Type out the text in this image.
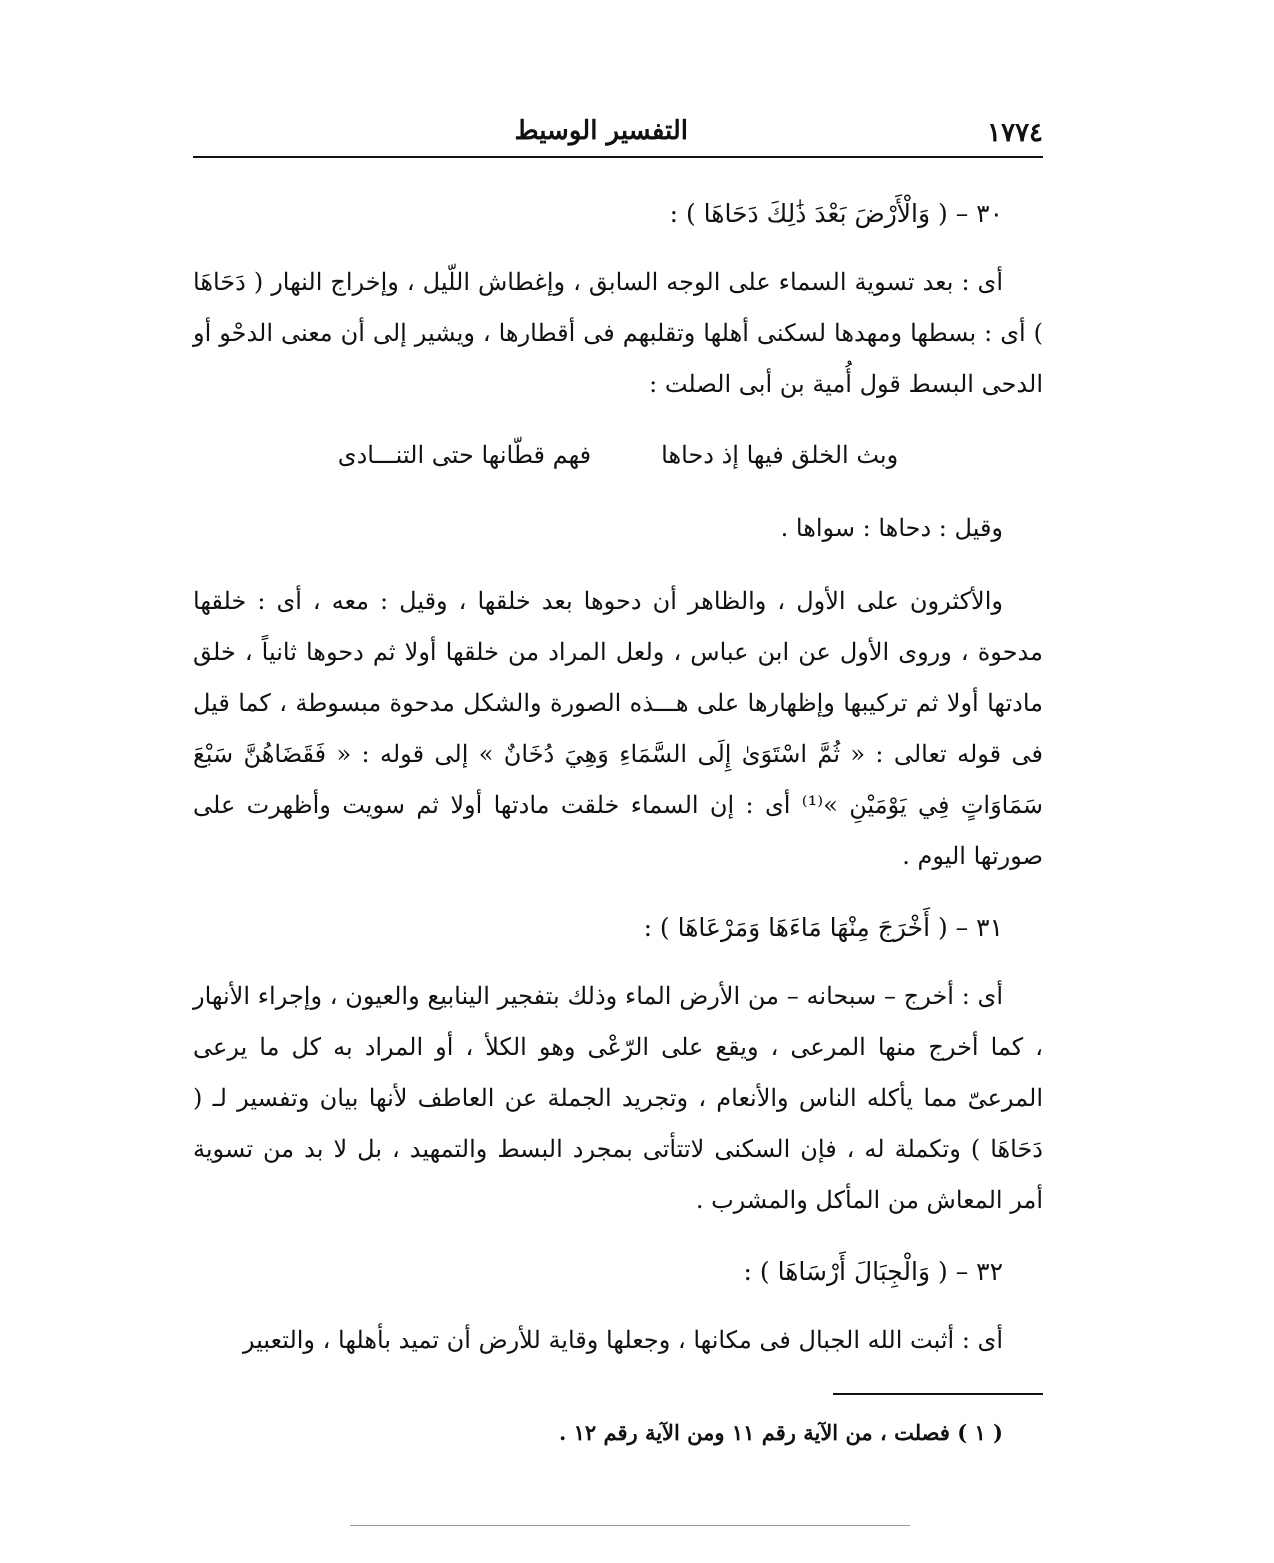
١٧٧٤
التفسير الوسيط

٣٠ – ( وَالْأَرْضَ بَعْدَ ذَٰلِكَ دَحَاهَا ) :

أى : بعد تسوية السماء على الوجه السابق ، وإغطاش اللّيل ، وإخراج النهار ( دَحَاهَا ) أى : بسطها ومهدها لسكنى أهلها وتقلبهم فى أقطارها ، ويشير إلى أن معنى الدحْو أو الدحى البسط قول أُمية بن أبى الصلت :

وبث الخلق فيها إذ دحاها
فهم قطّانها حتى التنـــادى

وقيل : دحاها : سواها .

والأكثرون على الأول ، والظاهر أن دحوها بعد خلقها ، وقيل : معه ، أى : خلقها مدحوة ، وروى الأول عن ابن عباس ، ولعل المراد من خلقها أولا ثم دحوها ثانياً ، خلق مادتها أولا ثم تركيبها وإظهارها على هـــذه الصورة والشكل مدحوة مبسوطة ، كما قيل فى قوله تعالى : « ثُمَّ اسْتَوَىٰ إِلَى السَّمَاءِ وَهِيَ دُخَانٌ » إلى قوله : « فَقَضَاهُنَّ سَبْعَ سَمَاوَاتٍ فِي يَوْمَيْنِ »⁽¹⁾ أى : إن السماء خلقت مادتها أولا ثم سويت وأظهرت على صورتها اليوم .

٣١ – ( أَخْرَجَ مِنْهَا مَاءَهَا وَمَرْعَاهَا ) :

أى : أخرج – سبحانه – من الأرض الماء وذلك بتفجير الينابيع والعيون ، وإجراء الأنهار ، كما أخرج منها المرعى ، ويقع على الرّعْى وهو الكلأ ، أو المراد به كل ما يرعى المرعىّ مما يأكله الناس والأنعام ، وتجريد الجملة عن العاطف لأنها بيان وتفسير لـ ( دَحَاهَا ) وتكملة له ، فإن السكنى لاتتأتى بمجرد البسط والتمهيد ، بل لا بد من تسوية أمر المعاش من المأكل والمشرب .

٣٢ – ( وَالْجِبَالَ أَرْسَاهَا ) :

أى : أثبت الله الجبال فى مكانها ، وجعلها وقاية للأرض أن تميد بأهلها ، والتعبير

( ١ ) فصلت ، من الآية رقم ١١ ومن الآية رقم ١٢ .
